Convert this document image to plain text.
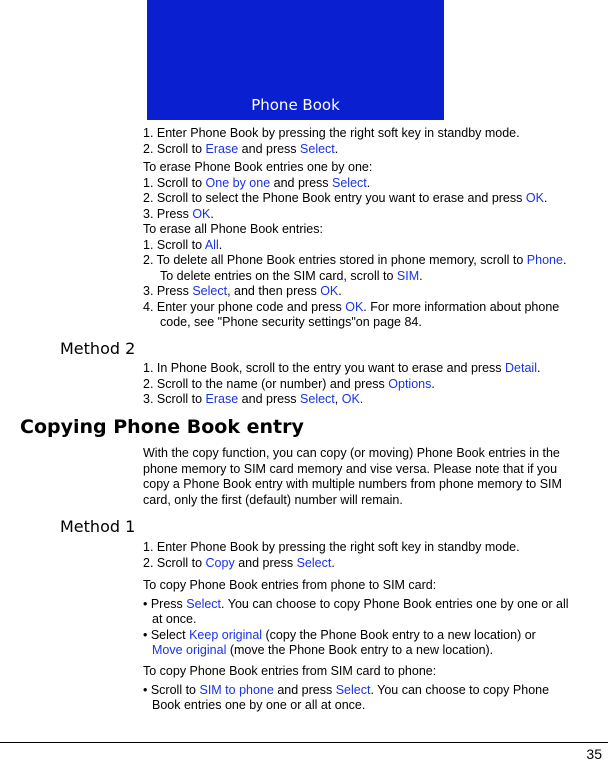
Phone Book
1. Enter Phone Book by pressing the right soft key in standby mode.
2. Scroll to Erase and press Select.
To erase Phone Book entries one by one:
1. Scroll to One by one and press Select.
2. Scroll to select the Phone Book entry you want to erase and press OK.
3. Press OK.
To erase all Phone Book entries:
1. Scroll to All.
2. To delete all Phone Book entries stored in phone memory, scroll to Phone.
To delete entries on the SIM card, scroll to SIM.
3. Press Select, and then press OK.
4. Enter your phone code and press OK. For more information about phone
code, see "Phone security settings"on page 84.
Method 2
1. In Phone Book, scroll to the entry you want to erase and press Detail.
2. Scroll to the name (or number) and press Options.
3. Scroll to Erase and press Select, OK.
Copying Phone Book entry
With the copy function, you can copy (or moving) Phone Book entries in the
phone memory to SIM card memory and vise versa. Please note that if you
copy a Phone Book entry with multiple numbers from phone memory to SIM
card, only the first (default) number will remain.
Method 1
1. Enter Phone Book by pressing the right soft key in standby mode.
2. Scroll to Copy and press Select.
To copy Phone Book entries from phone to SIM card:
• Press Select. You can choose to copy Phone Book entries one by one or all
at once.
• Select Keep original (copy the Phone Book entry to a new location) or
Move original (move the Phone Book entry to a new location).
To copy Phone Book entries from SIM card to phone:
• Scroll to SIM to phone and press Select. You can choose to copy Phone
Book entries one by one or all at once.
35
